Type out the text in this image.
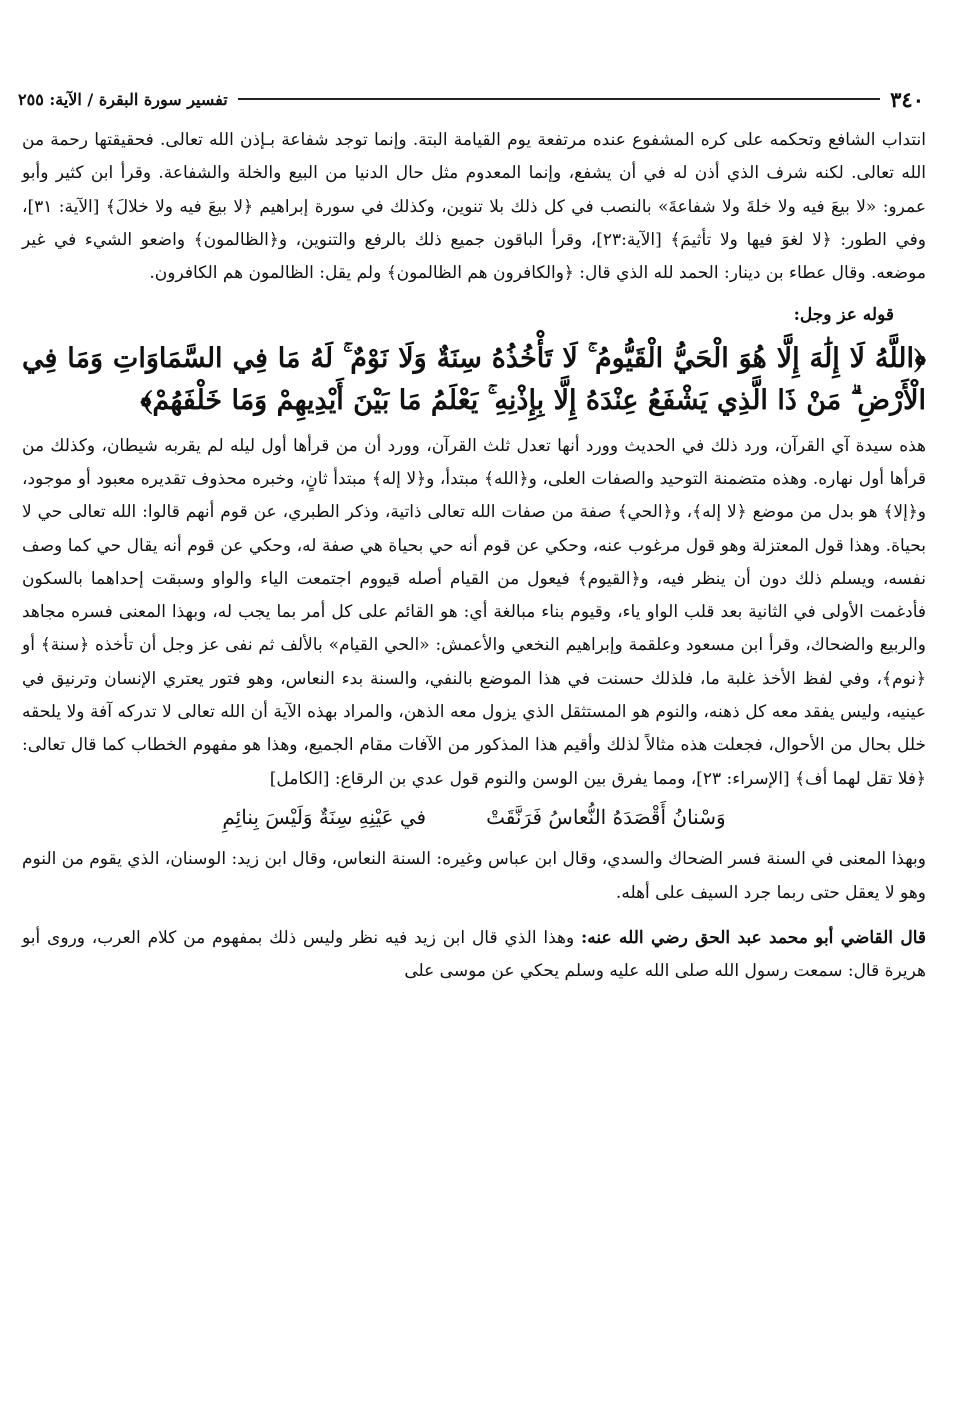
٣٤٠
تفسير سورة البقرة / الآية: ٢٥٥

انتداب الشافع وتحكمه على كره المشفوع عنده مرتفعة يوم القيامة البتة. وإنما توجد شفاعة بـإذن الله تعالى. فحقيقتها رحمة من الله تعالى. لكنه شرف الذي أذن له في أن يشفع، وإنما المعدوم مثل حال الدنيا من البيع والخلة والشفاعة. وقرأ ابن كثير وأبو عمرو: «لا بيعَ فيه ولا خلةَ ولا شفاعةَ» بالنصب في كل ذلك بلا تنوين، وكذلك في سورة إبراهيم ﴿لا بيعَ فيه ولا خلالَ﴾ [الآية: ٣١]، وفي الطور: ﴿لا لغوَ فيها ولا تأثيمَ﴾ [الآية:٢٣]، وقرأ الباقون جميع ذلك بالرفع والتنوين، و﴿الظالمون﴾ واضعو الشيء في غير موضعه. وقال عطاء بن دينار: الحمد لله الذي قال: ﴿والكافرون هم الظالمون﴾ ولم يقل: الظالمون هم الكافرون.

قوله عز وجل:

﴿اللَّهُ لَا إِلَٰهَ إِلَّا هُوَ الْحَيُّ الْقَيُّومُ ۚ لَا تَأْخُذُهُ سِنَةٌ وَلَا نَوْمٌ ۚ لَهُ مَا فِي السَّمَاوَاتِ وَمَا فِي الْأَرْضِ ۗ مَنْ ذَا الَّذِي يَشْفَعُ عِنْدَهُ إِلَّا بِإِذْنِهِ ۚ يَعْلَمُ مَا بَيْنَ أَيْدِيهِمْ وَمَا خَلْفَهُمْ﴾

هذه سيدة آي القرآن، ورد ذلك في الحديث وورد أنها تعدل ثلث القرآن، وورد أن من قرأها أول ليله لم يقربه شيطان، وكذلك من قرأها أول نهاره. وهذه متضمنة التوحيد والصفات العلى، و﴿الله﴾ مبتدأ، و﴿لا إله﴾ مبتدأ ثانٍ، وخبره محذوف تقديره معبود أو موجود، و﴿إلا﴾ هو بدل من موضع ﴿لا إله﴾، و﴿الحي﴾ صفة من صفات الله تعالى ذاتية، وذكر الطبري، عن قوم أنهم قالوا: الله تعالى حي لا بحياة. وهذا قول المعتزلة وهو قول مرغوب عنه، وحكي عن قوم أنه حي بحياة هي صفة له، وحكي عن قوم أنه يقال حي كما وصف نفسه، ويسلم ذلك دون أن ينظر فيه، و﴿القيوم﴾ فيعول من القيام أصله قيووم اجتمعت الياء والواو وسبقت إحداهما بالسكون فأدغمت الأولى في الثانية بعد قلب الواو ياء، وقيوم بناء مبالغة أي: هو القائم على كل أمر بما يجب له، وبهذا المعنى فسره مجاهد والربيع والضحاك، وقرأ ابن مسعود وعلقمة وإبراهيم النخعي والأعمش: «الحي القيام» بالألف ثم نفى عز وجل أن تأخذه ﴿سنة﴾ أو ﴿نوم﴾، وفي لفظ الأخذ غلبة ما، فلذلك حسنت في هذا الموضع بالنفي، والسنة بدء النعاس، وهو فتور يعتري الإنسان وترنيق في عينيه، وليس يفقد معه كل ذهنه، والنوم هو المستثقل الذي يزول معه الذهن، والمراد بهذه الآية أن الله تعالى لا تدركه آفة ولا يلحقه خلل بحال من الأحوال، فجعلت هذه مثالاً لذلك وأقيم هذا المذكور من الآفات مقام الجميع، وهذا هو مفهوم الخطاب كما قال تعالى: ﴿فلا تقل لهما أف﴾ [الإسراء: ٢٣]، ومما يفرق بين الوسن والنوم قول عدي بن الرقاع: [الكامل]

وَسْنانُ أَقْصَدَهُ النُّعاسُ فَرَنَّقَتْ
في عَيْنِهِ سِنَةٌ وَلَيْسَ بِنائِمِ

وبهذا المعنى في السنة فسر الضحاك والسدي، وقال ابن عباس وغيره: السنة النعاس، وقال ابن زيد: الوسنان، الذي يقوم من النوم وهو لا يعقل حتى ربما جرد السيف على أهله.

قال القاضي أبو محمد عبد الحق رضي الله عنه: وهذا الذي قال ابن زيد فيه نظر وليس ذلك بمفهوم من كلام العرب، وروى أبو هريرة قال: سمعت رسول الله صلى الله عليه وسلم يحكي عن موسى على
